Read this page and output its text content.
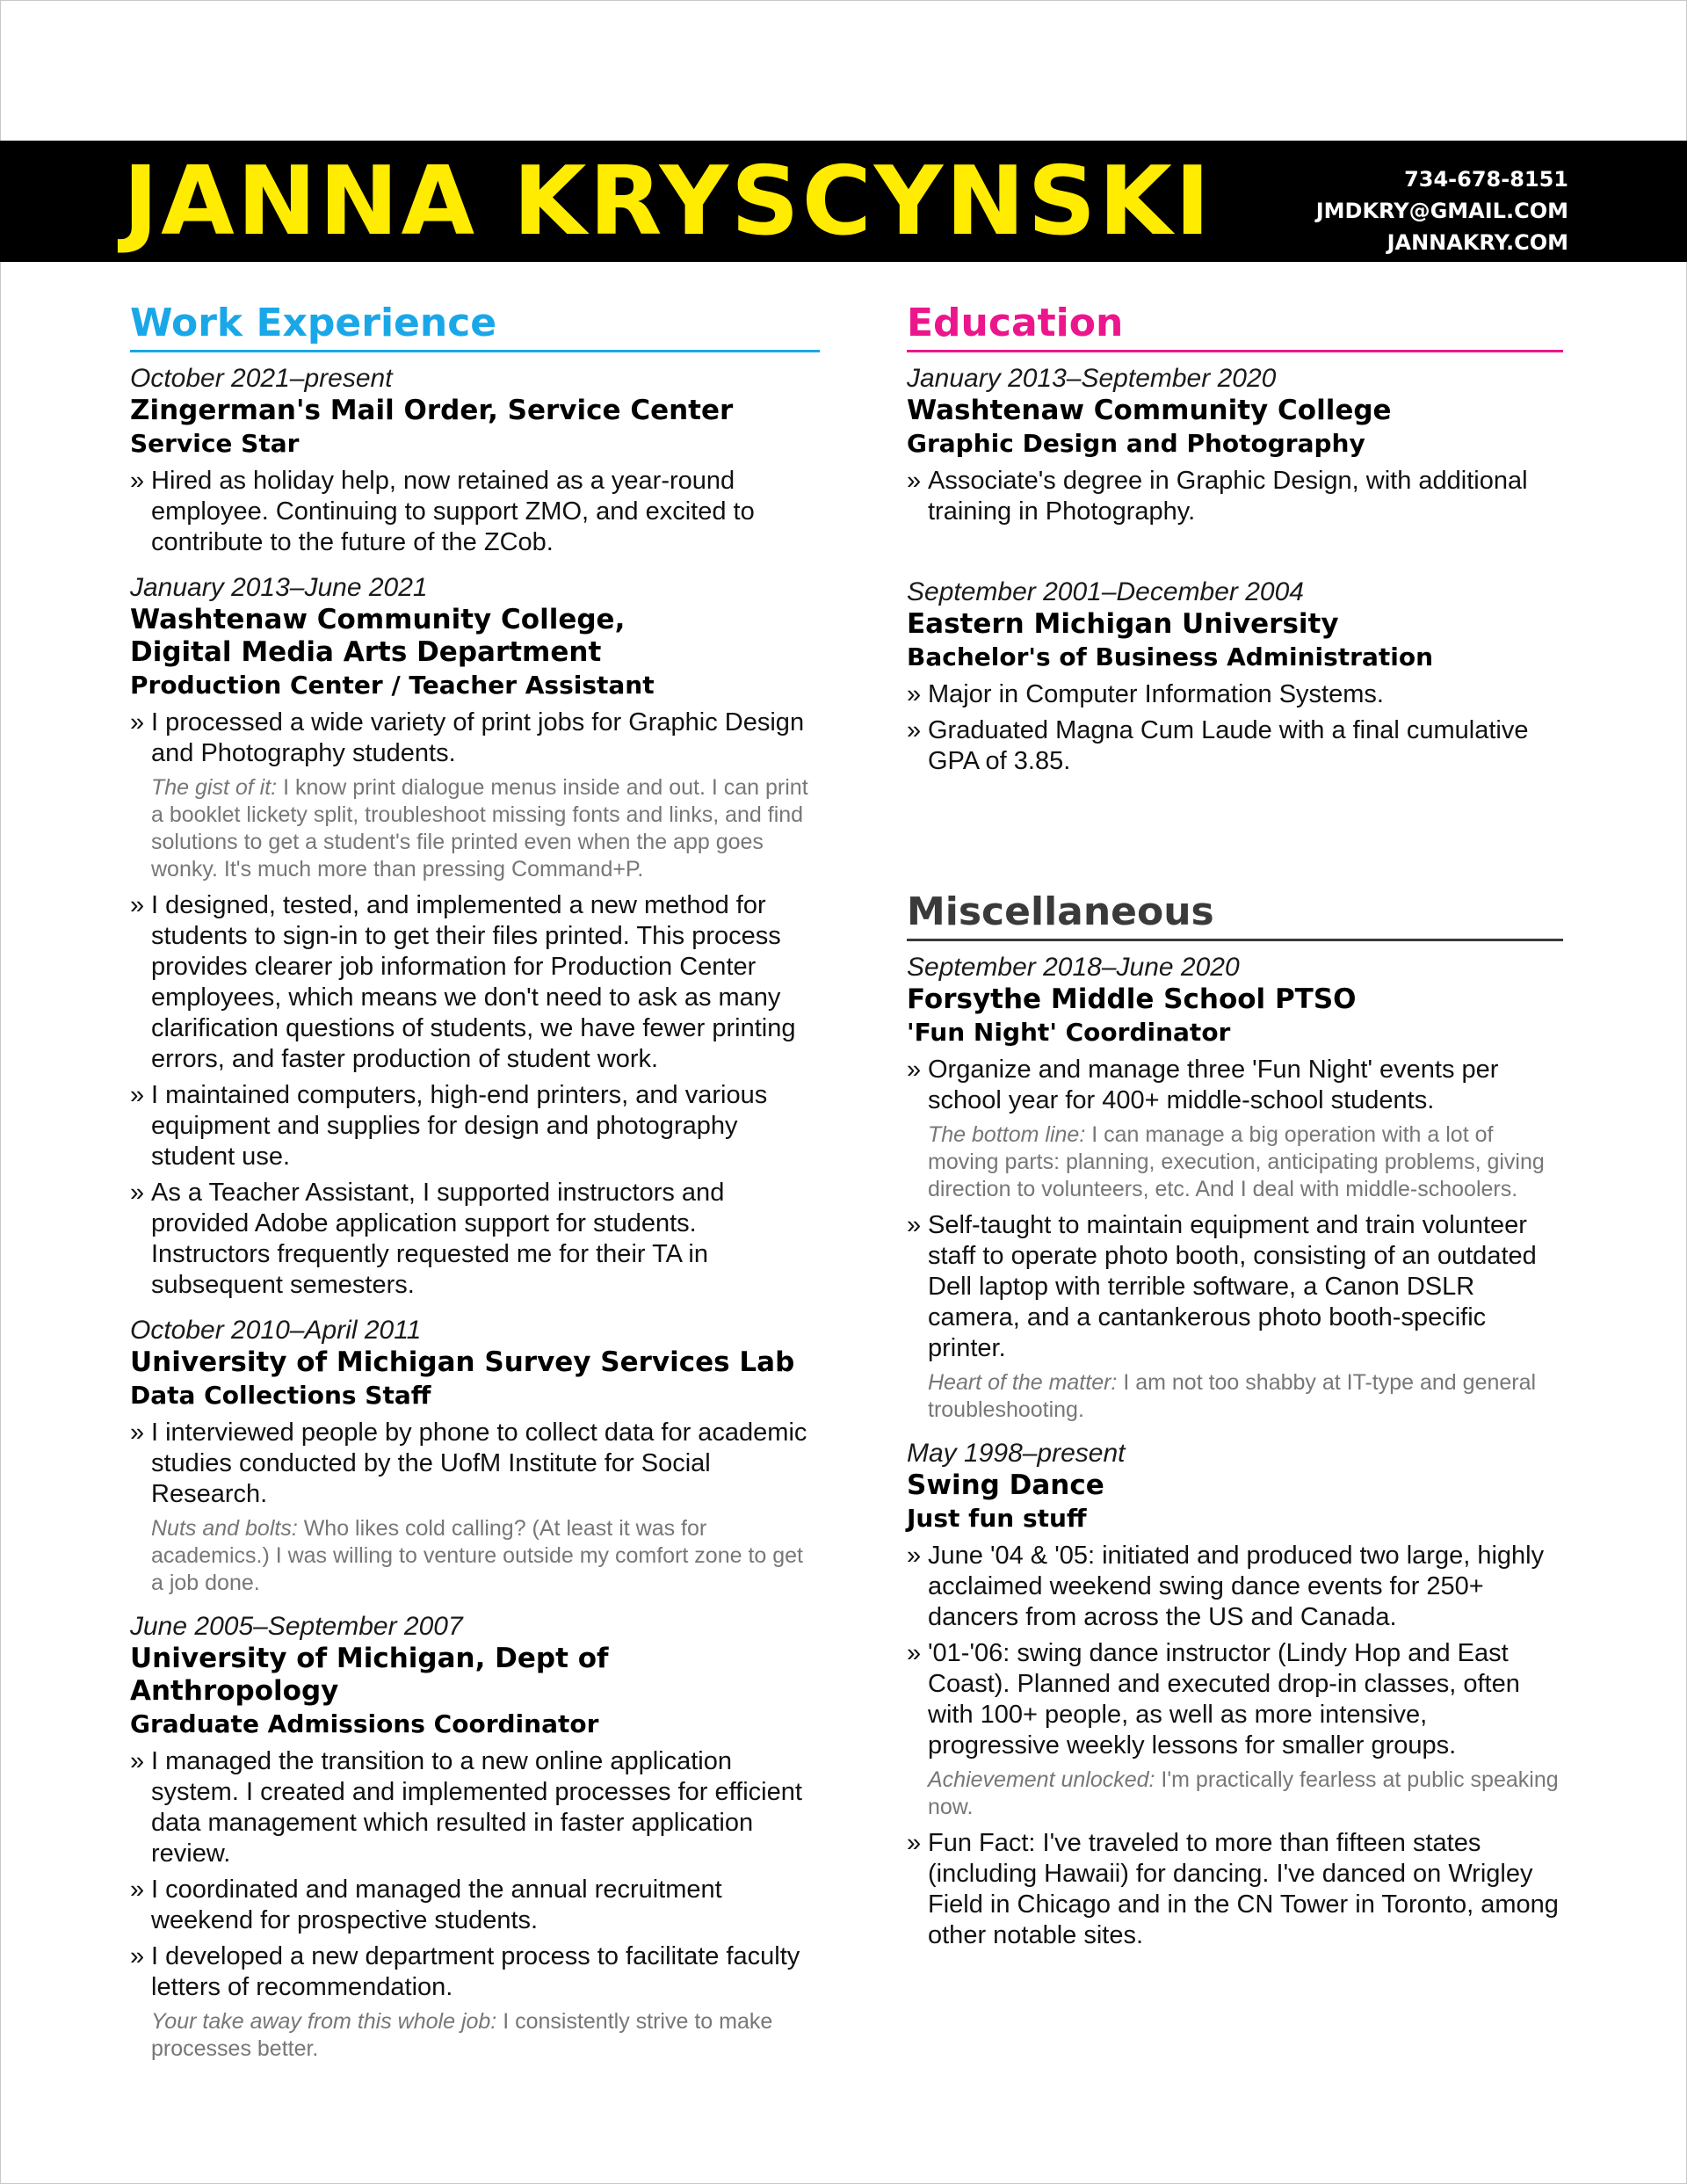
JANNA KRYSCYNSKI	734-678-8151
JMDKRY@GMAIL.COM
JANNAKRY.COM
Work Experience
October 2021–present
Zingerman's Mail Order, Service Center
Service Star
» Hired as holiday help, now retained as a year-round employee. Continuing to support ZMO, and excited to contribute to the future of the ZCob.
January 2013–June 2021
Washtenaw Community College,
Digital Media Arts Department
Production Center / Teacher Assistant
» I processed a wide variety of print jobs for Graphic Design and Photography students.
The gist of it: I know print dialogue menus inside and out. I can print a booklet lickety split, troubleshoot missing fonts and links, and find solutions to get a student's file printed even when the app goes wonky. It's much more than pressing Command+P.
» I designed, tested, and implemented a new method for students to sign-in to get their files printed. This process provides clearer job information for Production Center employees, which means we don't need to ask as many clarification questions of students, we have fewer printing errors, and faster production of student work.
» I maintained computers, high-end printers, and various equipment and supplies for design and photography student use.
» As a Teacher Assistant, I supported instructors and provided Adobe application support for students. Instructors frequently requested me for their TA in subsequent semesters.
October 2010–April 2011
University of Michigan Survey Services Lab
Data Collections Staff
» I interviewed people by phone to collect data for academic studies conducted by the UofM Institute for Social Research.
Nuts and bolts: Who likes cold calling? (At least it was for academics.) I was willing to venture outside my comfort zone to get a job done.
June 2005–September 2007
University of Michigan, Dept of Anthropology
Graduate Admissions Coordinator
» I managed the transition to a new online application system. I created and implemented processes for efficient data management which resulted in faster application review.
» I coordinated and managed the annual recruitment weekend for prospective students.
» I developed a new department process to facilitate faculty letters of recommendation.
Your take away from this whole job: I consistently strive to make processes better.
Education
January 2013–September 2020
Washtenaw Community College
Graphic Design and Photography
» Associate's degree in Graphic Design, with additional training in Photography.
September 2001–December 2004
Eastern Michigan University
Bachelor's of Business Administration
» Major in Computer Information Systems.
» Graduated Magna Cum Laude with a final cumulative GPA of 3.85.
Miscellaneous
September 2018–June 2020
Forsythe Middle School PTSO
'Fun Night' Coordinator
» Organize and manage three 'Fun Night' events per school year for 400+ middle-school students.
The bottom line: I can manage a big operation with a lot of moving parts: planning, execution, anticipating problems, giving direction to volunteers, etc. And I deal with middle-schoolers.
» Self-taught to maintain equipment and train volunteer staff to operate photo booth, consisting of an outdated Dell laptop with terrible software, a Canon DSLR camera, and a cantankerous photo booth-specific printer.
Heart of the matter: I am not too shabby at IT-type and general troubleshooting.
May 1998–present
Swing Dance
Just fun stuff
» June '04 & '05: initiated and produced two large, highly acclaimed weekend swing dance events for 250+ dancers from across the US and Canada.
» '01-'06: swing dance instructor (Lindy Hop and East Coast). Planned and executed drop-in classes, often with 100+ people, as well as more intensive, progressive weekly lessons for smaller groups.
Achievement unlocked: I'm practically fearless at public speaking now.
» Fun Fact: I've traveled to more than fifteen states (including Hawaii) for dancing. I've danced on Wrigley Field in Chicago and in the CN Tower in Toronto, among other notable sites.
